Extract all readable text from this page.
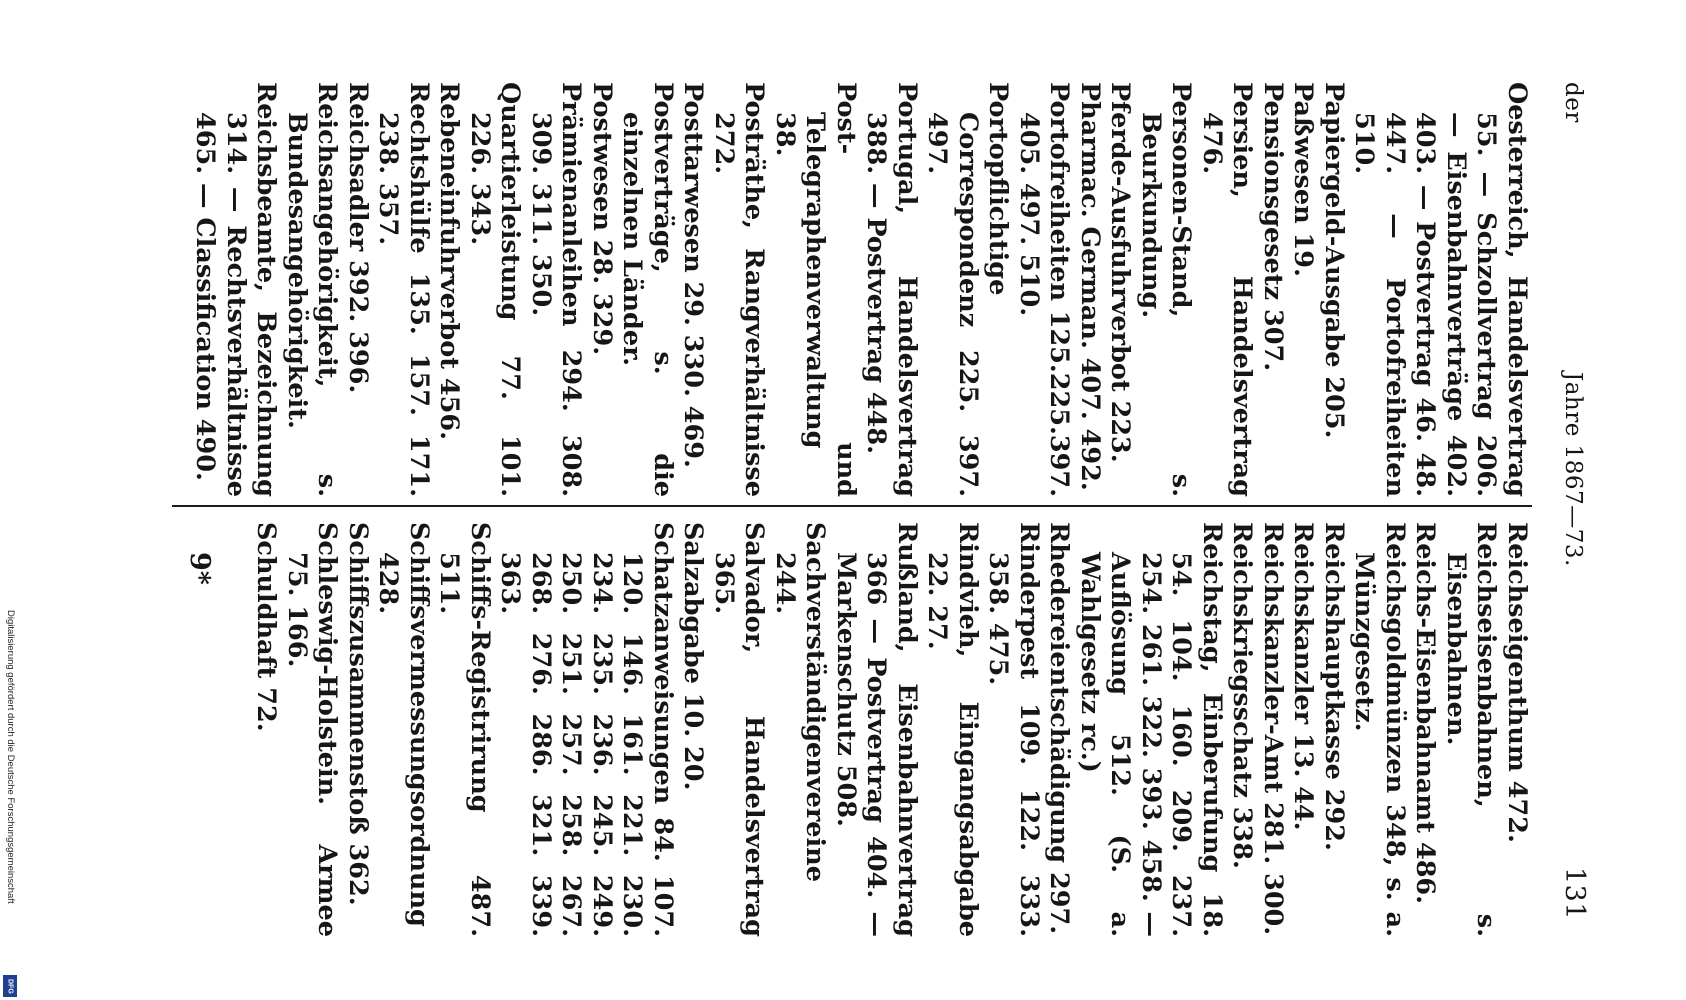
der
Jahre 1867—73.
131

Oesterreich, Handelsvertrag 55. — Schzollvertrag 206. — Eisenbahnverträge 402. 403. — Postvertrag 46. 48. 447. — Portofreiheiten 510.

Papiergeld-Ausgabe 205.

Paßwesen 19.

Pensionsgesetz 307.

Persien, Handelsvertrag 476.

Personen-Stand, s. Beurkundung.

Pferde-Ausfuhrverbot 223.

Pharmac. German. 407. 492.

Portofreiheiten 125.225.397. 405. 497. 510.

Portopflichtige Correspondenz 225. 397. 497.

Portugal, Handelsvertrag 388. — Postvertrag 448.

Post- und Telegraphenverwaltung 38.

Posträthe, Rangverhältnisse 272.

Posttarwesen 29. 330. 469.

Postverträge, s. die einzelnen Länder.

Postwesen 28. 329.

Prämienanleihen 294. 308. 309. 311. 350.

Quartierleistung 77. 101. 226. 343.

Rebeneinfuhrverbot 456.

Rechtshülfe 135. 157. 171. 238. 357.

Reichsadler 392. 396.

Reichsangehörigkeit, s. Bundesangehörigkeit.

Reichsbeamte, Bezeichnung 314. — Rechtsverhältnisse 465. — Classification 490.

Reichseigenthum 472.

Reichseisenbahnen, s. Eisenbahnen.

Reichs-Eisenbahnamt 486.

Reichsgoldmünzen 348, s. a. Münzgesetz.

Reichshauptkasse 292.

Reichskanzler 13. 44.

Reichskanzler-Amt 281. 300.

Reichskriegsschatz 338.

Reichstag, Einberufung 18. 54. 104. 160. 209. 237. 254. 261. 322. 393. 458. — Auflösung 512. (S. a. Wahlgesetz rc.)

Rhedereientschädigung 297.

Rinderpest 109. 122. 333. 358. 475.

Rindvieh, Eingangsabgabe 22. 27.

Rußland, Eisenbahnvertrag 366 — Postvertrag 404. — Markenschutz 508.

Sachverständigenvereine 244.

Salvador, Handelsvertrag 365.

Salzabgabe 10. 20.

Schatzanweisungen 84. 107. 120. 146. 161. 221. 230. 234. 235. 236. 245. 249. 250. 251. 257. 258. 267. 268. 276. 286. 321. 339. 363.

Schiffs-Registrirung 487. 511.

Schiffsvermessungsordnung 428.

Schiffszusammenstoß 362.

Schleswig-Holstein. Armee 75. 166.

Schuldhaft 72.

9*
Digitalisierung gefördert durch die Deutsche Forschungsgemeinschaft
DFG
